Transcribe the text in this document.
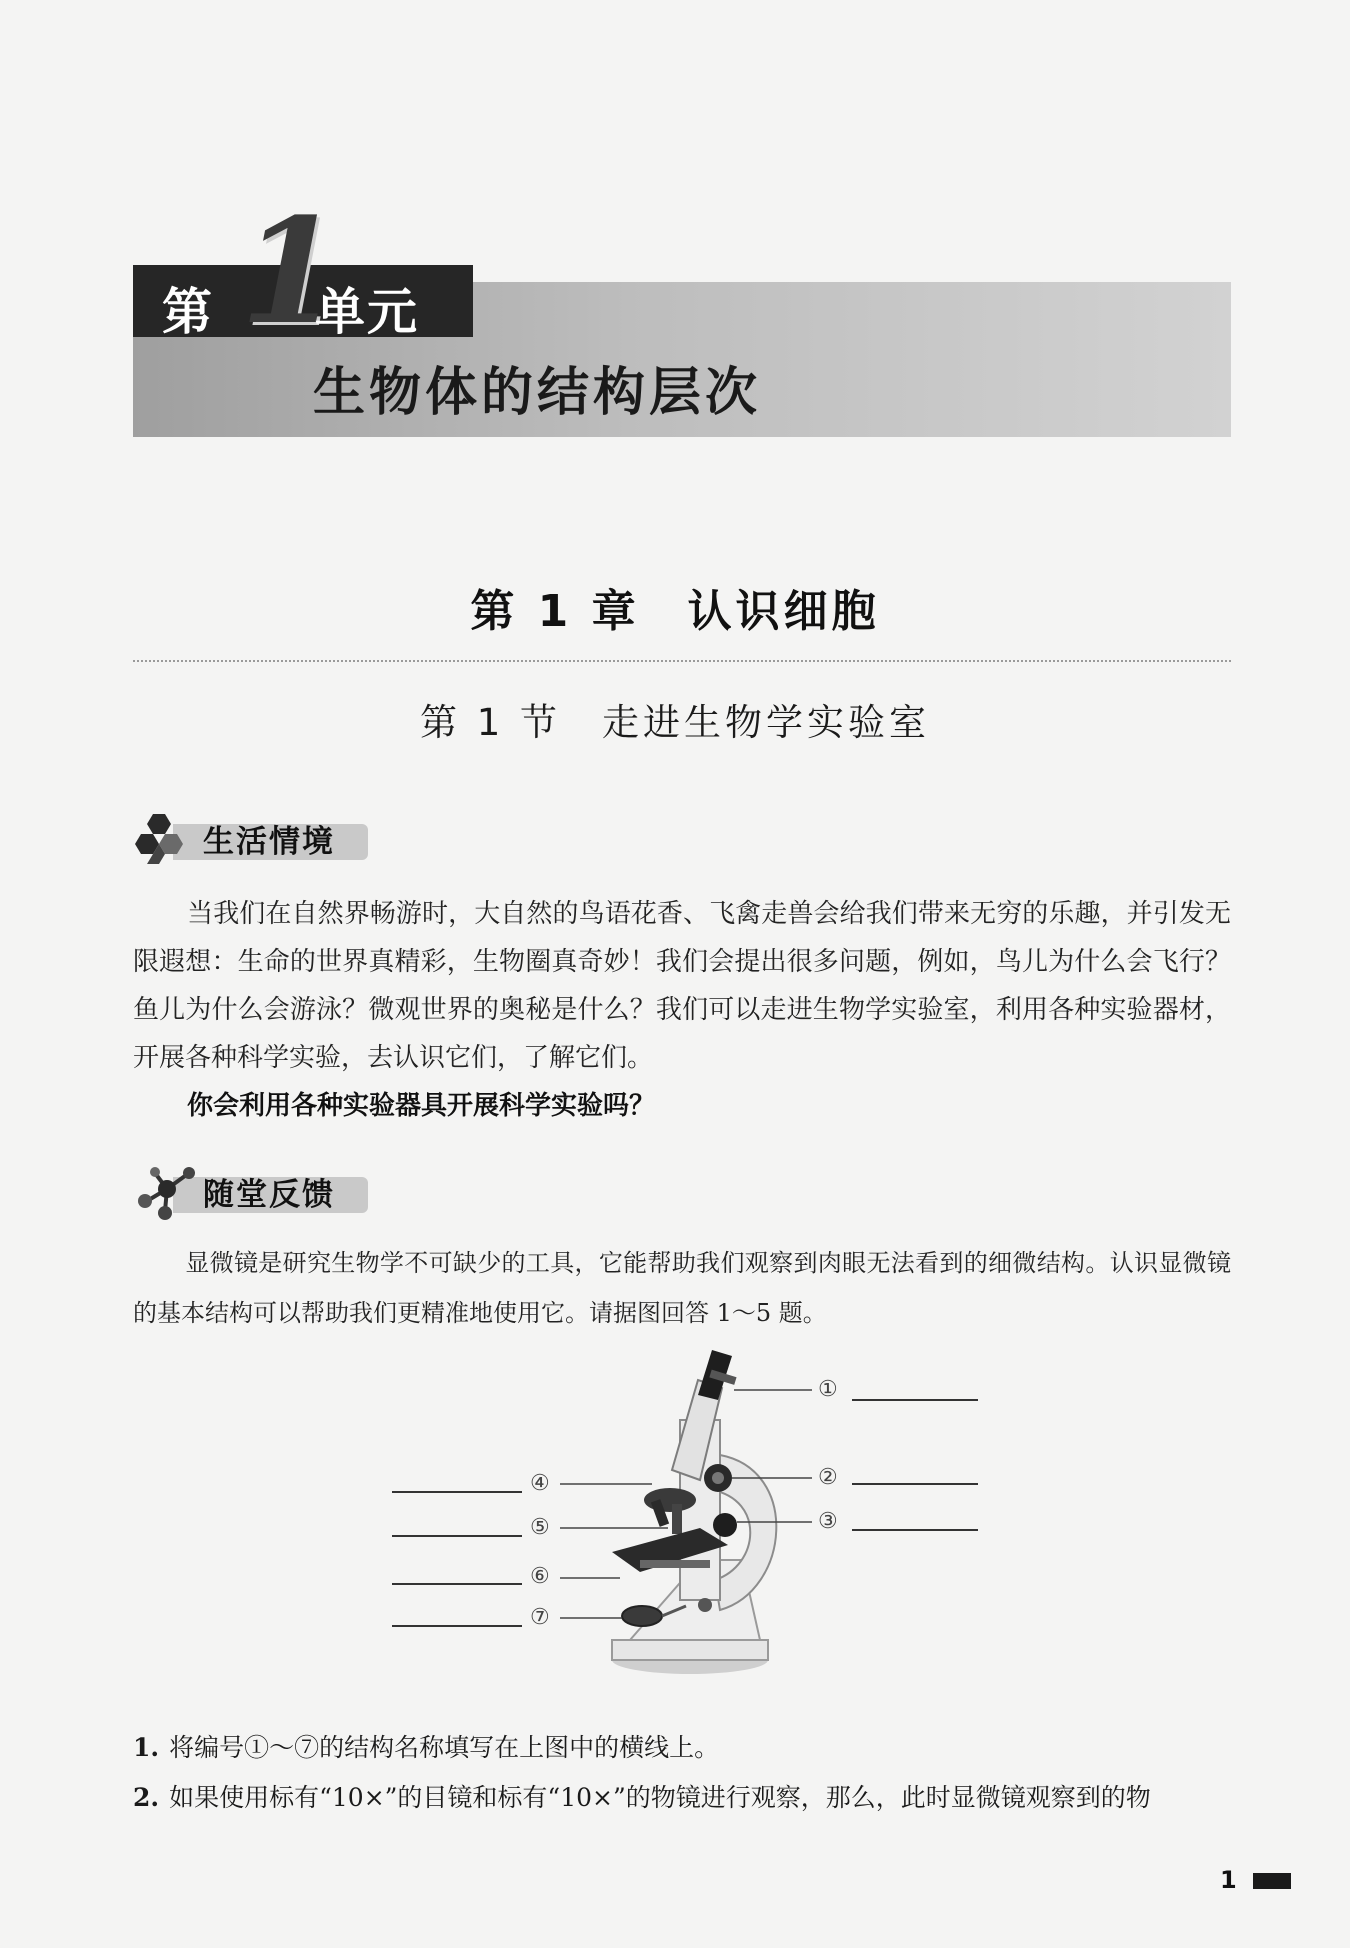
第 1
单元
生物体的结构层次
第 1 章　认识细胞
第 1 节　走进生物学实验室
生活情境
当我们在自然界畅游时，大自然的鸟语花香、飞禽走兽会给我们带来无穷的乐趣，并引发无限遐想：生命的世界真精彩，生物圈真奇妙！我们会提出很多问题，例如，鸟儿为什么会飞行？鱼儿为什么会游泳？微观世界的奥秘是什么？我们可以走进生物学实验室，利用各种实验器材，开展各种科学实验，去认识它们，了解它们。
你会利用各种实验器具开展科学实验吗？
随堂反馈
显微镜是研究生物学不可缺少的工具，它能帮助我们观察到肉眼无法看到的细微结构。认识显微镜的基本结构可以帮助我们更精准地使用它。请据图回答 1～5 题。
①
②
③
④
⑤
⑥
⑦
1. 将编号①～⑦的结构名称填写在上图中的横线上。
2. 如果使用标有“10×”的目镜和标有“10×”的物镜进行观察，那么，此时显微镜观察到的物
1
